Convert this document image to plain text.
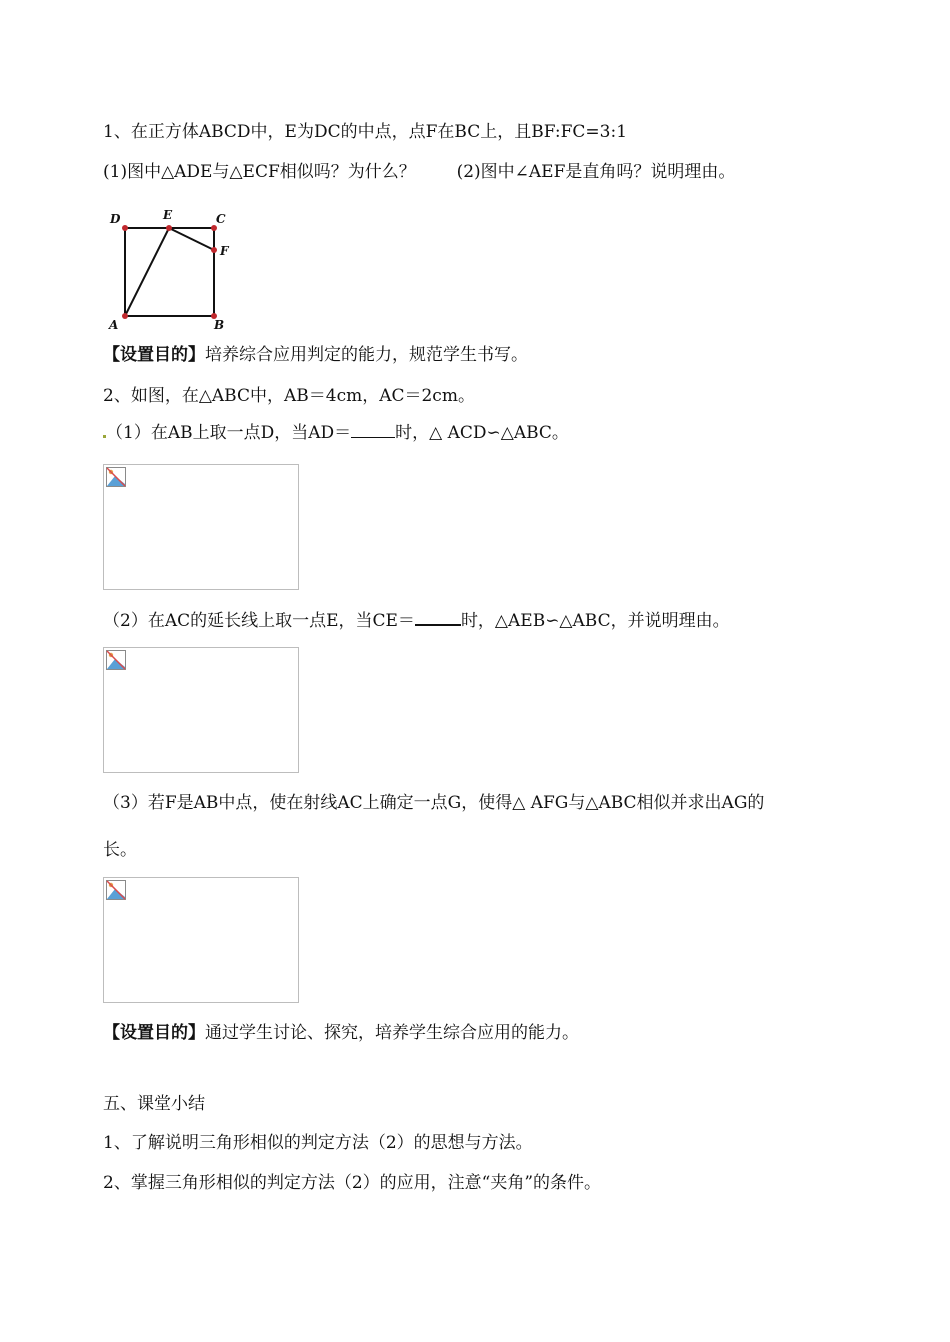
1、在正方体ABCD中，E为DC的中点，点F在BC上，且BF:FC=3:1
(1)图中△ADE与△ECF相似吗？为什么？ (2)图中∠AEF是直角吗？说明理由。
D	E	C
F
A	B
【设置目的】培养综合应用判定的能力，规范学生书写。
2、如图，在△ABC中，AB＝4cm，AC＝2cm。
（1）在AB上取一点D，当AD＝	时，△ ACD∽△ABC。
（2）在AC的延长线上取一点E，当CE＝	时，△AEB∽△ABC，并说明理由。
（3）若F是AB中点，使在射线AC上确定一点G，使得△ AFG与△ABC相似并求出AG的
长。
【设置目的】通过学生讨论、探究，培养学生综合应用的能力。
五、课堂小结
1、了解说明三角形相似的判定方法（2）的思想与方法。
2、掌握三角形相似的判定方法（2）的应用，注意“夹角”的条件。
